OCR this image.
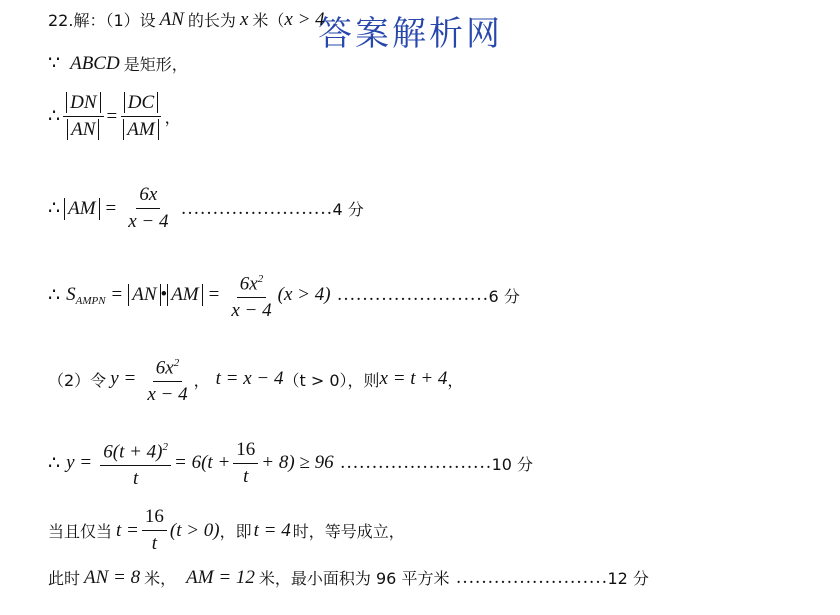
答案解析网
22.解：（1）设 AN 的长为 x 米（ x > 4
∵ ABCD 是矩形，
∴ $\frac{DN}{AN} = \frac{DC}{AM}$ ，
∴ AM = $\frac{6x}{x - 4}$ …………………… 4 分
∴ S AMPN = AN • AM = $\frac{6x^2}{x - 4} (x > 4)$ …………………… 6 分
（2）令 $y = \frac{6x^2}{x - 4}$ ， t = x − 4 （t > 0），则 x = t + 4 ，
∴ $y = \frac{6(t + 4)^2}{t} = 6(t + \frac{16}{t} + 8) \ge 96$ …………………… 10 分
当且仅当 $t = \frac{16}{t} (t > 0)$ ，即 t = 4 时，等号成立，
此时 AN = 8 米， AM = 12 米，最小面积为 96 平方米 …………………… 12 分
